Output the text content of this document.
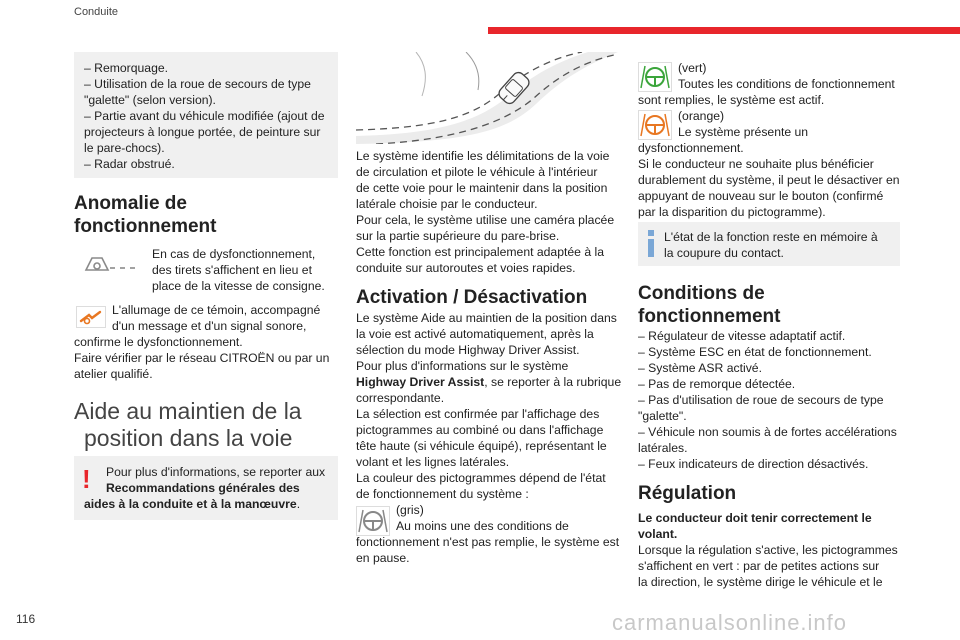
Conduite
116	carmanualsonline.info
– Remorquage.
– Utilisation de la roue de secours de type
"galette" (selon version).
– Partie avant du véhicule modifiée (ajout de
projecteurs à longue portée, de peinture sur
le pare-chocs).
– Radar obstrué.
Anomalie de
fonctionnement
En cas de dysfonctionnement,
des tirets s'affichent en lieu et
place de la vitesse de consigne.
L'allumage de ce témoin, accompagné
d'un message et d'un signal sonore,
confirme le dysfonctionnement.
Faire vérifier par le réseau CITROËN ou par un
atelier qualifié.
Aide au maintien de la
position dans la voie
!	Pour plus d'informations, se reporter aux
Recommandations générales des
aides à la conduite et à la manœuvre.
Le système identifie les délimitations de la voie
de circulation et pilote le véhicule à l'intérieur
de cette voie pour le maintenir dans la position
latérale choisie par le conducteur.
Pour cela, le système utilise une caméra placée
sur la partie supérieure du pare-brise.
Cette fonction est principalement adaptée à la
conduite sur autoroutes et voies rapides.
Activation / Désactivation
Le système Aide au maintien de la position dans
la voie est activé automatiquement, après la
sélection du mode Highway Driver Assist.
Pour plus d'informations sur le système
Highway Driver Assist, se reporter à la rubrique
correspondante.
La sélection est confirmée par l'affichage des
pictogrammes au combiné ou dans l'affichage
tête haute (si véhicule équipé), représentant le
volant et les lignes latérales.
La couleur des pictogrammes dépend de l'état
de fonctionnement du système :
(gris)
Au moins une des conditions de
fonctionnement n'est pas remplie, le système est
en pause.
(vert)
Toutes les conditions de fonctionnement
sont remplies, le système est actif.
(orange)
Le système présente un
dysfonctionnement.
Si le conducteur ne souhaite plus bénéficier
durablement du système, il peut le désactiver en
appuyant de nouveau sur le bouton (confirmé
par la disparition du pictogramme).
L'état de la fonction reste en mémoire à
la coupure du contact.
Conditions de
fonctionnement
– Régulateur de vitesse adaptatif actif.
– Système ESC en état de fonctionnement.
– Système ASR activé.
– Pas de remorque détectée.
– Pas d'utilisation de roue de secours de type
"galette".
– Véhicule non soumis à de fortes accélérations
latérales.
– Feux indicateurs de direction désactivés.
Régulation
Le conducteur doit tenir correctement le
volant.
Lorsque la régulation s'active, les pictogrammes
s'affichent en vert : par de petites actions sur
la direction, le système dirige le véhicule et le
